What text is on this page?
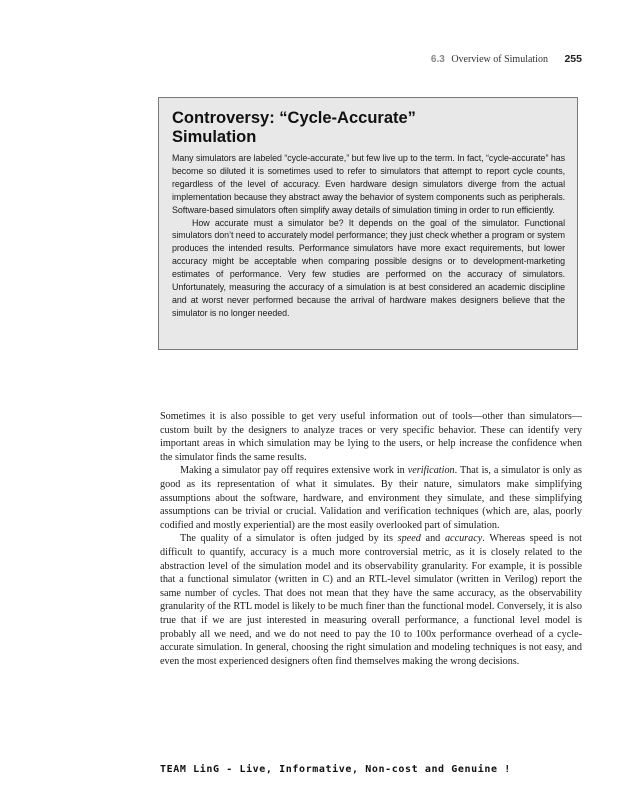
6.3 Overview of Simulation 255
Controversy: “Cycle-Accurate” Simulation

Many simulators are labeled “cycle-accurate,” but few live up to the term. In fact, “cycle-accurate” has become so diluted it is sometimes used to refer to simulators that attempt to report cycle counts, regardless of the level of accuracy. Even hardware design simulators diverge from the actual implementation because they abstract away the behavior of system components such as peripherals. Software-based simulators often simplify away details of simulation timing in order to run efficiently.

How accurate must a simulator be? It depends on the goal of the simulator. Functional simulators don’t need to accurately model performance; they just check whether a program or system produces the intended results. Performance simulators have more exact requirements, but lower accuracy might be acceptable when comparing possible designs or to development-marketing estimates of performance. Very few studies are performed on the accuracy of simulators. Unfortunately, measuring the accuracy of a simulation is at best considered an academic discipline and at worst never performed because the arrival of hardware makes designers believe that the simulator is no longer needed.

Sometimes it is also possible to get very useful information out of tools—other than simulators—custom built by the designers to analyze traces or very specific behavior. These can identify very important areas in which simulation may be lying to the users, or help increase the confidence when the simulator finds the same results.

Making a simulator pay off requires extensive work in verification. That is, a simulator is only as good as its representation of what it simulates. By their nature, simulators make simplifying assumptions about the software, hardware, and environment they simulate, and these simplifying assumptions can be trivial or crucial. Validation and verification techniques (which are, alas, poorly codified and mostly experiential) are the most easily overlooked part of simulation.

The quality of a simulator is often judged by its speed and accuracy. Whereas speed is not difficult to quantify, accuracy is a much more controversial metric, as it is closely related to the abstraction level of the simulation model and its observability granularity. For example, it is possible that a functional simulator (written in C) and an RTL-level simulator (written in Verilog) report the same number of cycles. That does not mean that they have the same accuracy, as the observability granularity of the RTL model is likely to be much finer than the functional model. Conversely, it is also true that if we are just interested in measuring overall performance, a functional level model is probably all we need, and we do not need to pay the 10 to 100x performance overhead of a cycle-accurate simulation. In general, choosing the right simulation and modeling techniques is not easy, and even the most experienced designers often find themselves making the wrong decisions.

TEAM LinG - Live, Informative, Non-cost and Genuine !
